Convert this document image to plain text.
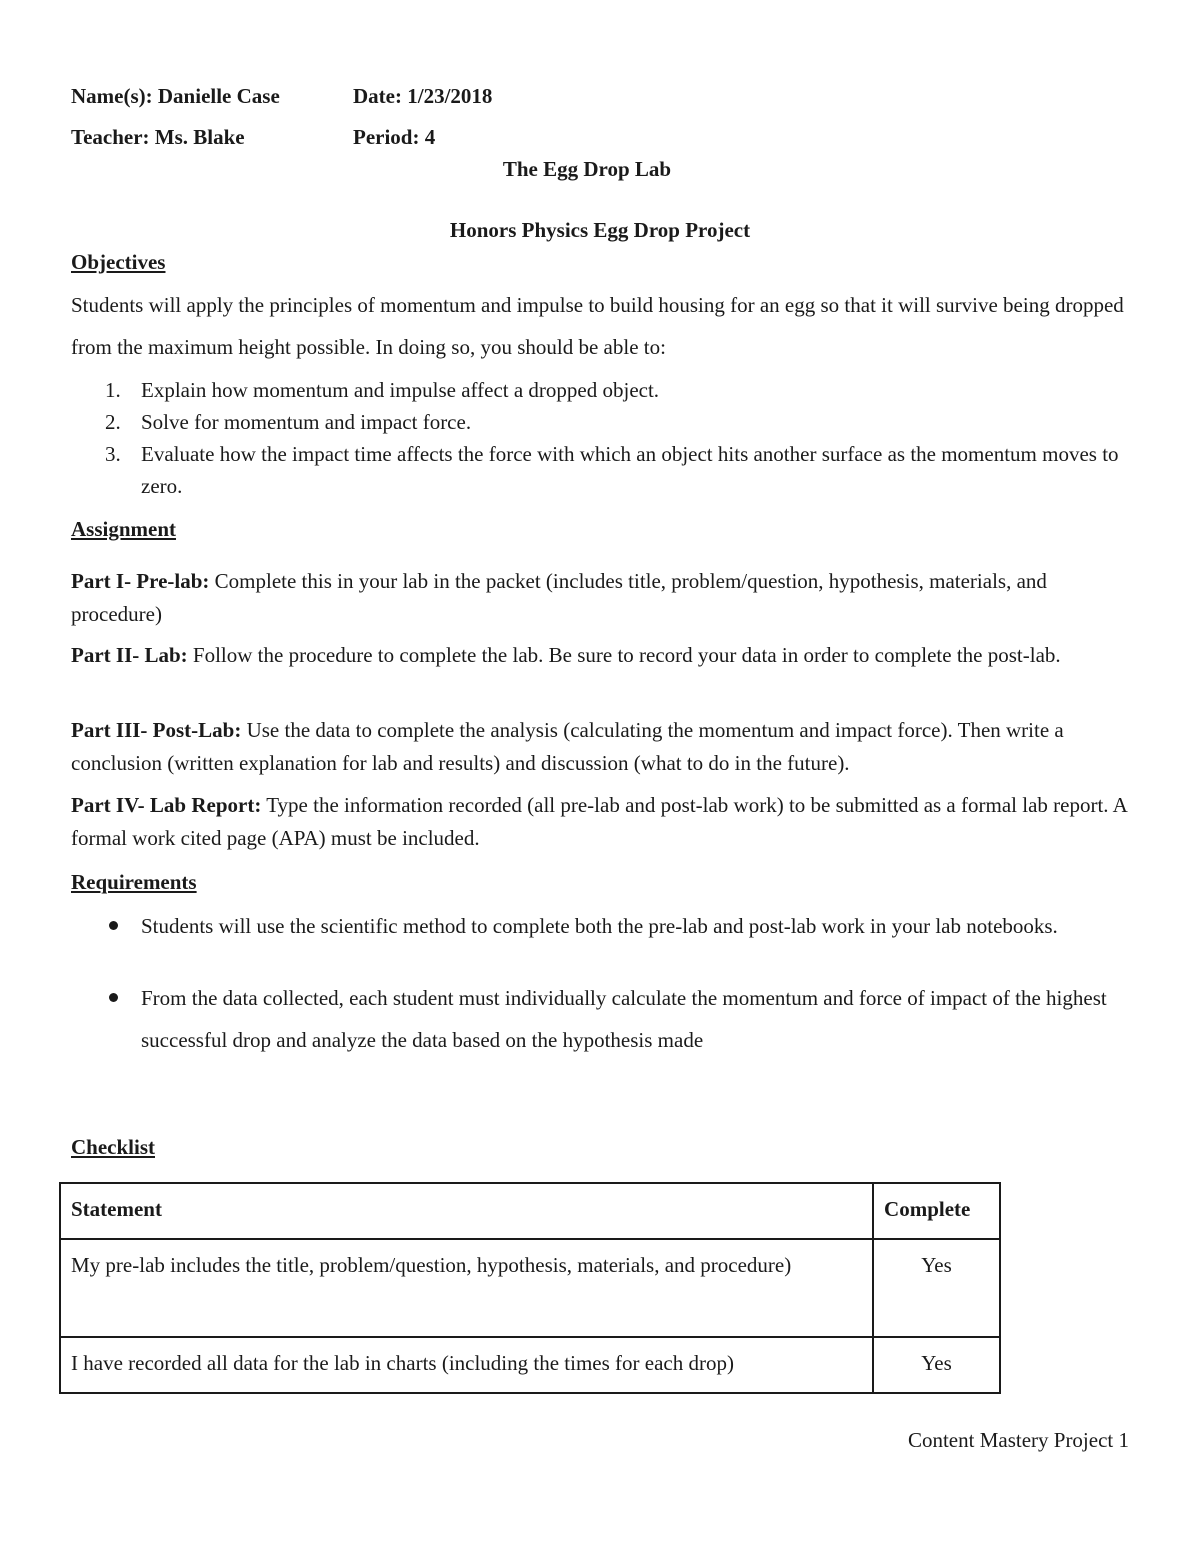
Name(s): Danielle Case	Date: 1/23/2018
Teacher: Ms. Blake	Period: 4
The Egg Drop Lab
Honors Physics Egg Drop Project
Objectives
Students will apply the principles of momentum and impulse to build housing for an egg so that it will survive being dropped from the maximum height possible. In doing so, you should be able to:
1. Explain how momentum and impulse affect a dropped object.
2. Solve for momentum and impact force.
3. Evaluate how the impact time affects the force with which an object hits another surface as the momentum moves to zero.
Assignment
Part I- Pre-lab: Complete this in your lab in the packet (includes title, problem/question, hypothesis, materials, and procedure)
Part II- Lab: Follow the procedure to complete the lab. Be sure to record your data in order to complete the post-lab.
Part III- Post-Lab: Use the data to complete the analysis (calculating the momentum and impact force). Then write a conclusion (written explanation for lab and results) and discussion (what to do in the future).
Part IV- Lab Report: Type the information recorded (all pre-lab and post-lab work) to be submitted as a formal lab report. A formal work cited page (APA) must be included.
Requirements
Students will use the scientific method to complete both the pre-lab and post-lab work in your lab notebooks.
From the data collected, each student must individually calculate the momentum and force of impact of the highest successful drop and analyze the data based on the hypothesis made
Checklist
Statement	Complete
My pre-lab includes the title, problem/question, hypothesis, materials, and procedure)	Yes
I have recorded all data for the lab in charts (including the times for each drop)	Yes
Content Mastery Project 1
